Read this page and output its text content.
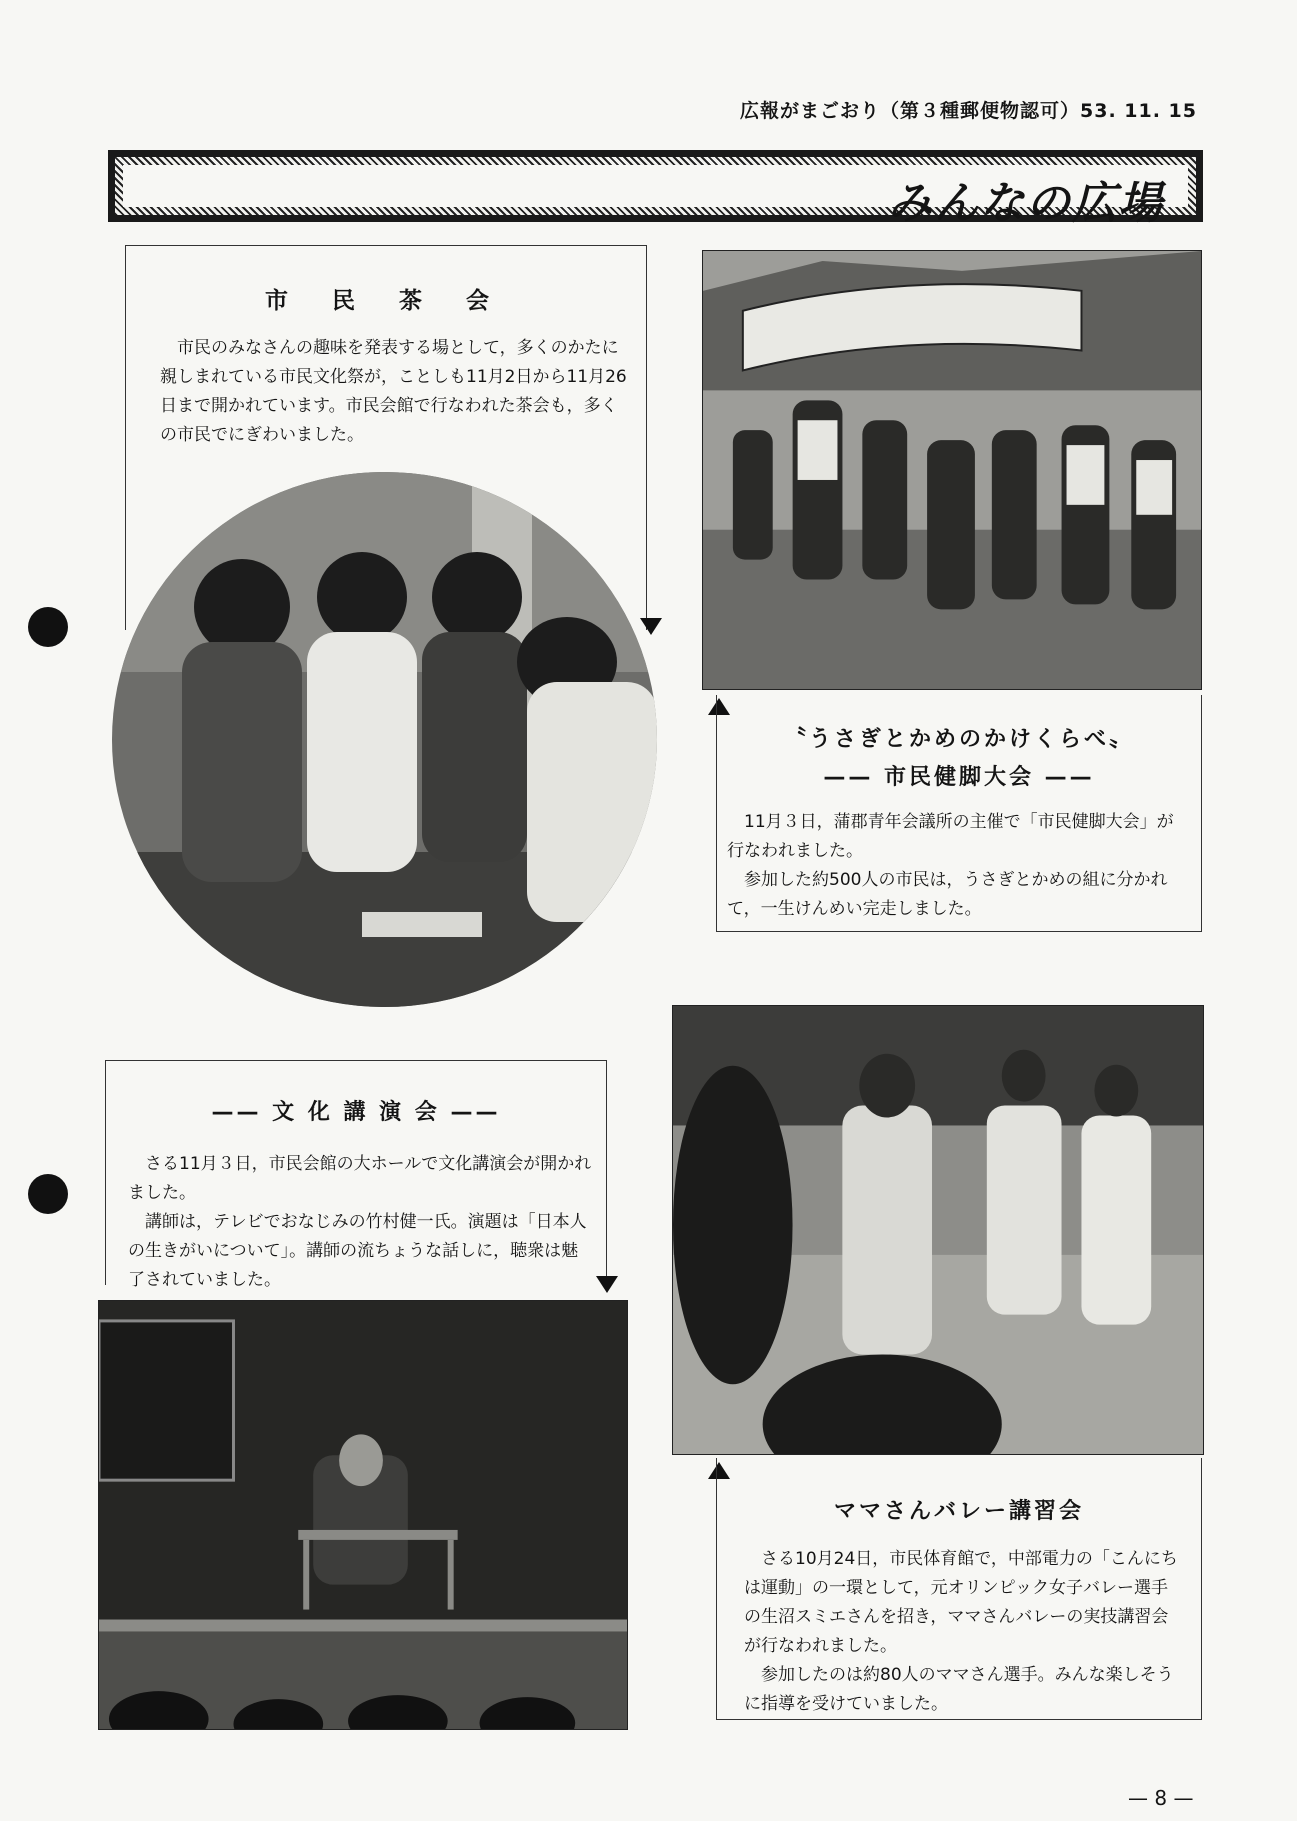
広報がまごおり（第３種郵便物認可）53. 11. 15
みんなの広場
市 民 茶 会

市民のみなさんの趣味を発表する場として，多くのかたに親しまれている市民文化祭が，ことしも11月2日から11月26日まで開かれています。市民会館で行なわれた茶会も，多くの市民でにぎわいました。

〝うさぎとかめのかけくらべ〟
—— 市民健脚大会 ——

11月３日，蒲郡青年会議所の主催で「市民健脚大会」が行なわれました。

参加した約500人の市民は，うさぎとかめの組に分かれて，一生けんめい完走しました。

—— 文 化 講 演 会 ——

さる11月３日，市民会館の大ホールで文化講演会が開かれました。

講師は，テレビでおなじみの竹村健一氏。演題は「日本人の生きがいについて」。講師の流ちょうな話しに，聴衆は魅了されていました。

ママさんバレー講習会

さる10月24日，市民体育館で，中部電力の「こんにちは運動」の一環として，元オリンピック女子バレー選手の生沼スミエさんを招き，ママさんバレーの実技講習会が行なわれました。

参加したのは約80人のママさん選手。みんな楽しそうに指導を受けていました。

— 8 —
